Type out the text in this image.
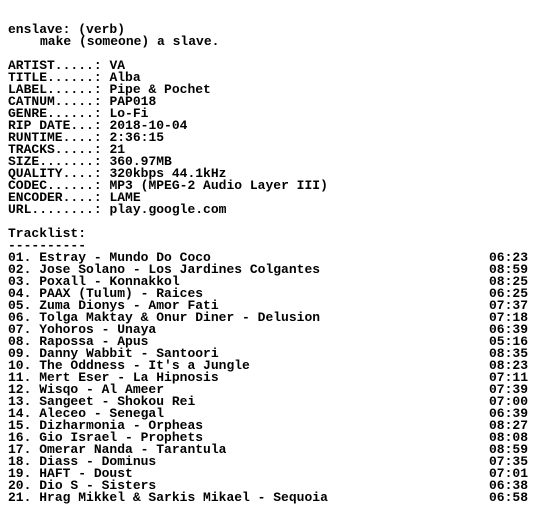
enslave: (verb)
make (someone) a slave.
ARTIST.....: VA
TITLE......: Alba
LABEL......: Pipe & Pochet
CATNUM.....: PAP018
GENRE......: Lo-Fi
RIP DATE...: 2018-10-04
RUNTIME....: 2:36:15
TRACKS.....: 21
SIZE.......: 360.97MB
QUALITY....: 320kbps 44.1kHz
CODEC......: MP3 (MPEG-2 Audio Layer III)
ENCODER....: LAME
URL........: play.google.com
Tracklist:
----------
01. Estray - Mundo Do Coco	06:23
02. Jose Solano - Los Jardines Colgantes	08:59
03. Poxall - Konnakkol	08:25
04. PAAX (Tulum) - Raices	06:25
05. Zuma Dionys - Amor Fati	07:37
06. Tolga Maktay & Onur Diner - Delusion	07:18
07. Yohoros - Unaya	06:39
08. Rapossa - Apus	05:16
09. Danny Wabbit - Santoori	08:35
10. The Oddness - It's a Jungle	08:23
11. Mert Eser - La Hipnosis	07:11
12. Wisqo - Al Ameer	07:39
13. Sangeet - Shokou Rei	07:00
14. Aleceo - Senegal	06:39
15. Dizharmonia - Orpheas	08:27
16. Gio Israel - Prophets	08:08
17. Omerar Nanda - Tarantula	08:59
18. Diass - Dominus	07:35
19. HAFT - Doust	07:01
20. Dio S - Sisters	06:38
21. Hrag Mikkel & Sarkis Mikael - Sequoia	06:58
